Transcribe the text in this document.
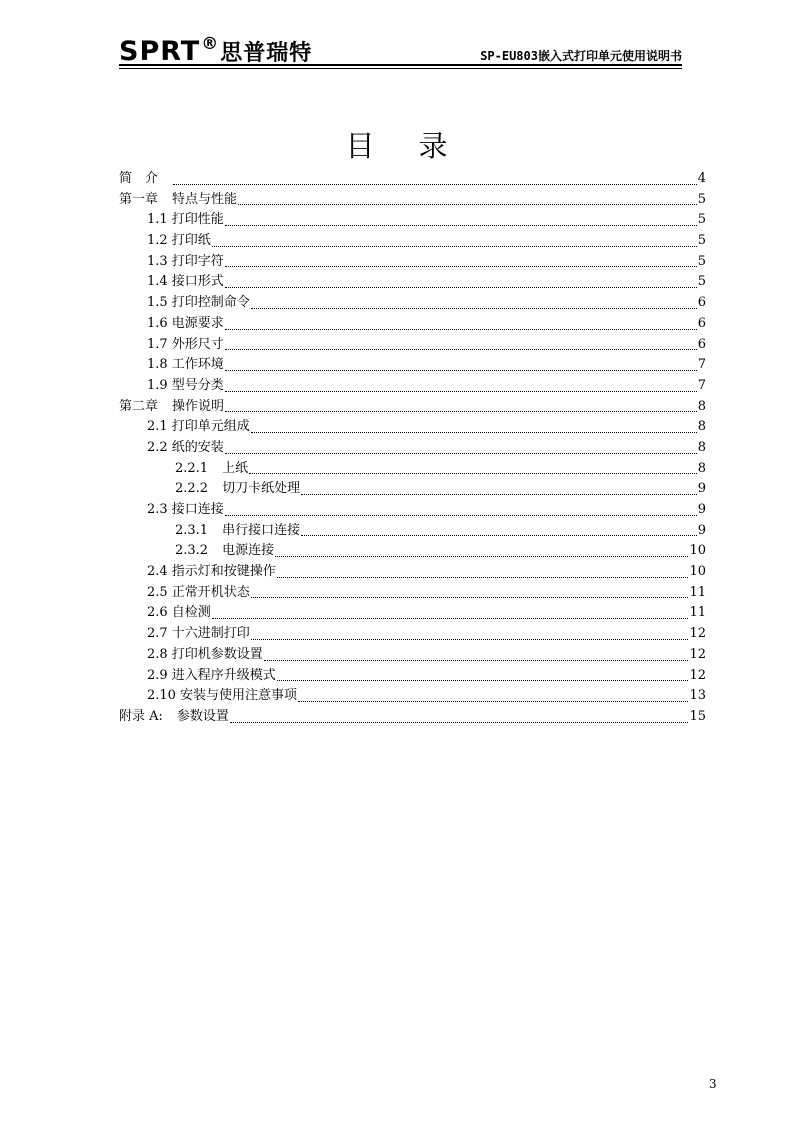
SPRT®思普瑞特	SP-EU803嵌入式打印单元使用说明书
目录
简　介	4
第一章 特点与性能	5
1.1 打印性能	5
1.2 打印纸	5
1.3 打印字符	5
1.4 接口形式	5
1.5 打印控制命令	6
1.6 电源要求	6
1.7 外形尺寸	6
1.8 工作环境	7
1.9 型号分类	7
第二章 操作说明	8
2.1 打印单元组成	8
2.2 纸的安装	8
2.2.1 上纸	8
2.2.2 切刀卡纸处理	9
2.3 接口连接	9
2.3.1 串行接口连接	9
2.3.2 电源连接	10
2.4 指示灯和按键操作	10
2.5 正常开机状态	11
2.6 自检测	11
2.7 十六进制打印	12
2.8 打印机参数设置	12
2.9 进入程序升级模式	12
2.10 安装与使用注意事项	13
附录 A: 参数设置	15
3
